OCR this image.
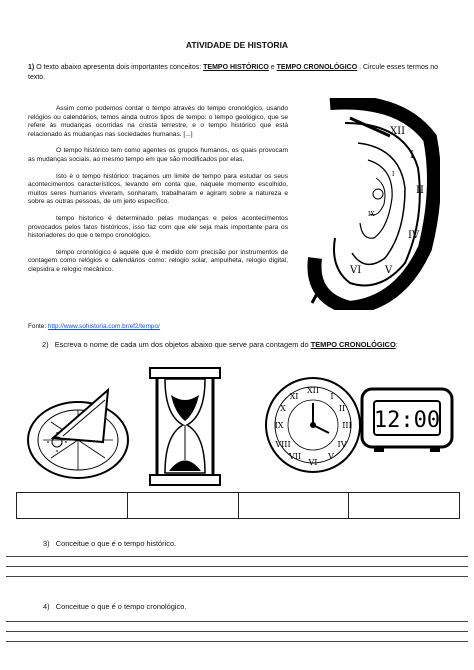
ATIVIDADE DE HISTORIA
1) O texto abaixo apresenta dois importantes conceitos: TEMPO HISTÓRICO e TEMPO CRONOLÓGICO . Circule esses termos no texto.

Assim como podemos contar o tempo através do tempo cronológico, usando relógios ou calendários, temos ainda outros tipos de tempo: o tempo geológico, que se refere às mudanças ocorridas na crosta terrestre, e o tempo histórico que está relacionado às mudanças nas sociedades humanas. [...]

O tempo histórico tem como agentes os grupos humanos, os quais provocam as mudanças sociais, ao mesmo tempo em que são modificados por elas.

Isto é o tempo histórico: traçamos um limite de tempo para estudar os seus acontecimentos característicos, levando em conta que, naquele momento escolhido, muitos seres humanos viveram, sonharam, trabalharam e agiram sobre a natureza e sobre as outras pessoas, de um jeito específico.

tempo historico é determinado pelas mudanças e pelos acontecimentos provocados pelos fatos históricos, isso faz com que ele seja mais importante para os historiadores do que o tempo cronológico.

tempo cronológico é aquele que é medido com precisão por instrumentos de contagem como relógios e calendários como: relogio solar, ampulheta, relogio digital, clepsidra e relogio mecânico.

Fonte: http://www.sohistoria.com.br/ef2/tempo/
I
II
IV
V
VI
XII
IX
I
2) Escreva o nome de cada um dos objetos abaixo que serve para contagem do TEMPO CRONOLÓGICO:
XII
III
VI
IX
I
II
IV
V
VII
VIII
X
XI
12:00
3) Conceitue o que é o tempo histórico.
4) Conceitue o que é o tempo cronológico.
